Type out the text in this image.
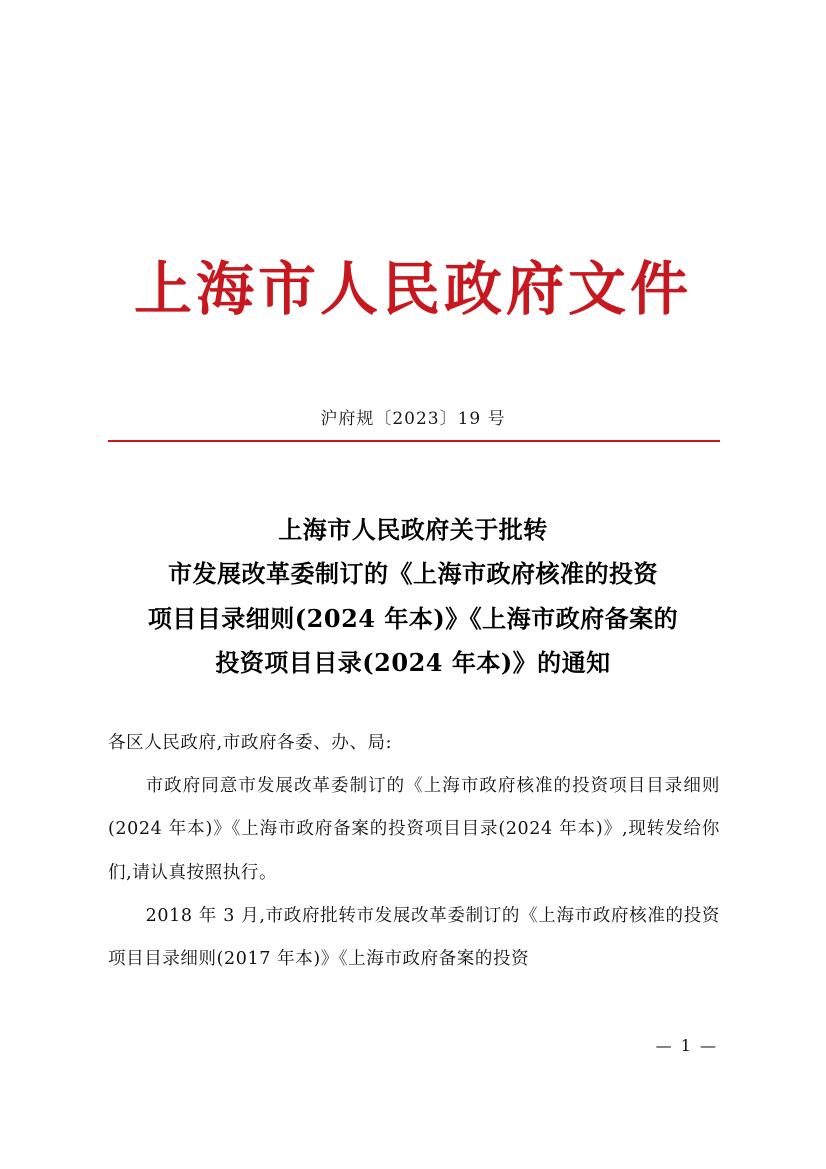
上海市人民政府文件
沪府规〔2023〕19 号
上海市人民政府关于批转
市发展改革委制订的《上海市政府核准的投资
项目目录细则(2024 年本)》《上海市政府备案的
投资项目目录(2024 年本)》的通知

各区人民政府,市政府各委、办、局:

市政府同意市发展改革委制订的《上海市政府核准的投资项目目录细则(2024 年本)》《上海市政府备案的投资项目目录(2024 年本)》,现转发给你们,请认真按照执行。

2018 年 3 月,市政府批转市发展改革委制订的《上海市政府核准的投资项目目录细则(2017 年本)》《上海市政府备案的投资

— 1 —
